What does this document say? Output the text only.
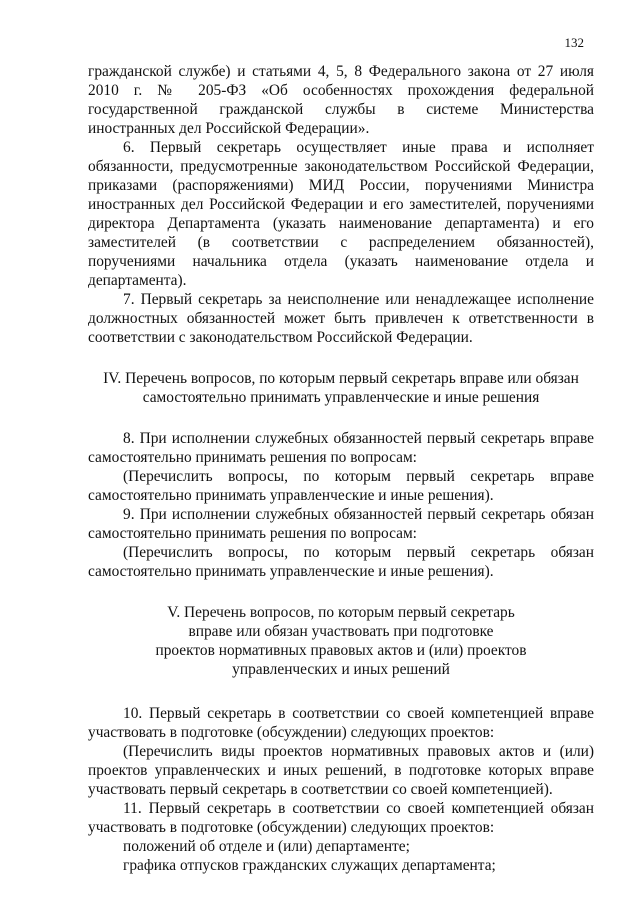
132

гражданской службе) и статьями 4, 5, 8 Федерального закона от 27 июля 2010 г. № 205-ФЗ «Об особенностях прохождения федеральной государственной гражданской службы в системе Министерства иностранных дел Российской Федерации».

6. Первый секретарь осуществляет иные права и исполняет обязанности, предусмотренные законодательством Российской Федерации, приказами (распоряжениями) МИД России, поручениями Министра иностранных дел Российской Федерации и его заместителей, поручениями директора Департамента (указать наименование департамента) и его заместителей (в соответствии с распределением обязанностей), поручениями начальника отдела (указать наименование отдела и департамента).

7. Первый секретарь за неисполнение или ненадлежащее исполнение должностных обязанностей может быть привлечен к ответственности в соответствии с законодательством Российской Федерации.

IV. Перечень вопросов, по которым первый секретарь вправе или обязан

самостоятельно принимать управленческие и иные решения

8. При исполнении служебных обязанностей первый секретарь вправе самостоятельно принимать решения по вопросам:

(Перечислить вопросы, по которым первый секретарь вправе самостоятельно принимать управленческие и иные решения).

9. При исполнении служебных обязанностей первый секретарь обязан самостоятельно принимать решения по вопросам:

(Перечислить вопросы, по которым первый секретарь обязан самостоятельно принимать управленческие и иные решения).

V. Перечень вопросов, по которым первый секретарь

вправе или обязан участвовать при подготовке

проектов нормативных правовых актов и (или) проектов

управленческих и иных решений

10. Первый секретарь в соответствии со своей компетенцией вправе участвовать в подготовке (обсуждении) следующих проектов:

(Перечислить виды проектов нормативных правовых актов и (или) проектов управленческих и иных решений, в подготовке которых вправе участвовать первый секретарь в соответствии со своей компетенцией).

11. Первый секретарь в соответствии со своей компетенцией обязан участвовать в подготовке (обсуждении) следующих проектов:

положений об отделе и (или) департаменте;

графика отпусков гражданских служащих департамента;
